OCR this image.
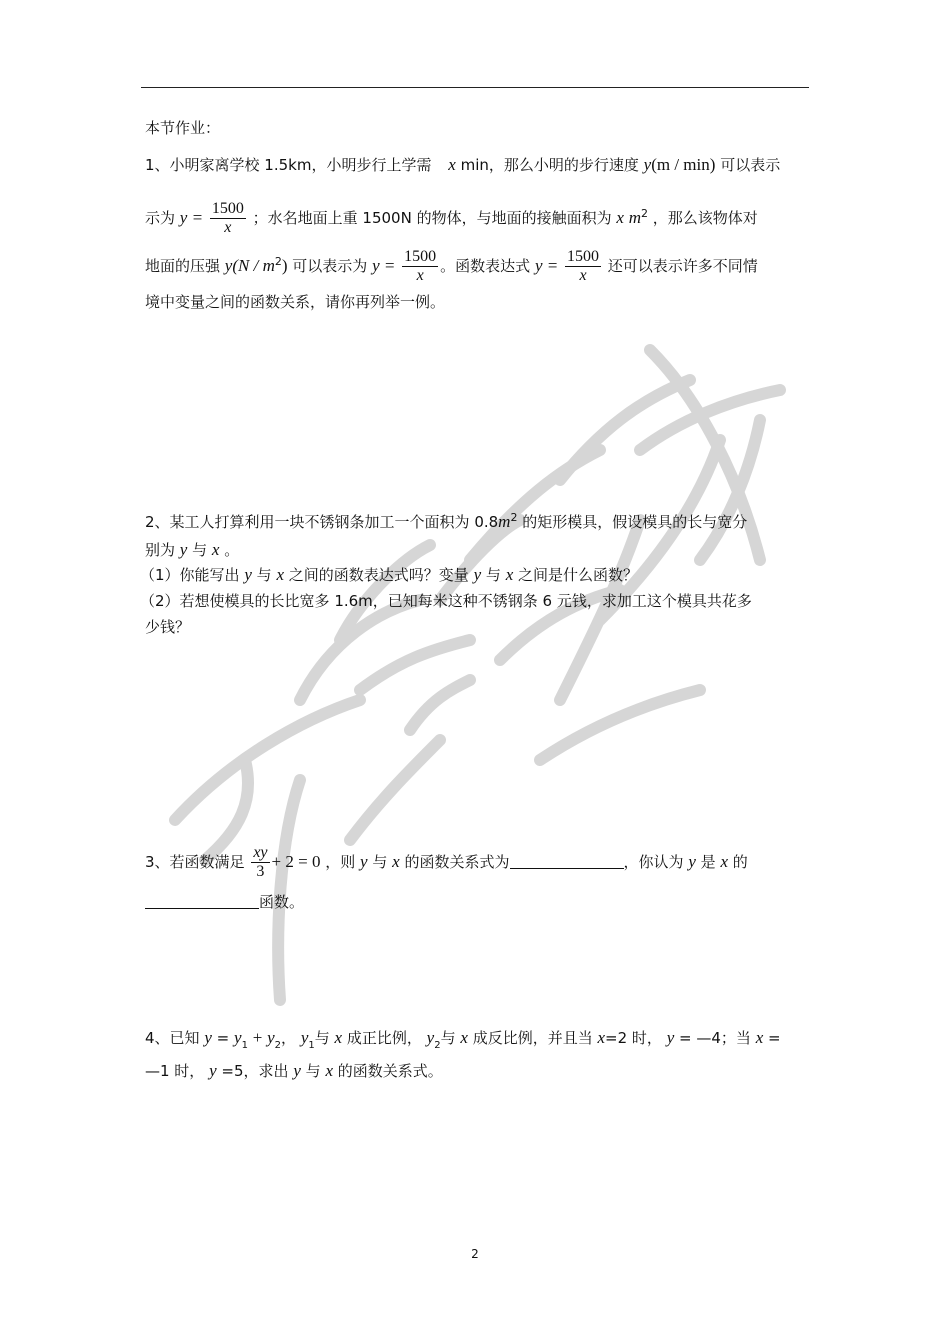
本节作业：
1、小明家离学校 1.5km，小明步行上学需 x min，那么小明的步行速度 y(m / min) 可以表示
示为 $y = \frac{1500}{x}$ ；水名地面上重 1500N 的物体，与地面的接触面积为 x $m^2$ ，那么该物体对
地面的压强 $y(N / m^2)$ 可以表示为 $y = \frac{1500}{x}$ 。函数表达式 $y = \frac{1500}{x}$ 还可以表示许多不同情
境中变量之间的函数关系，请你再列举一例。
2、某工人打算利用一块不锈钢条加工一个面积为 $0.8m^2$ 的矩形模具，假设模具的长与宽分
别为 y 与 x 。
（1）你能写出 y 与 x 之间的函数表达式吗？变量 y 与 x 之间是什么函数？
（2）若想使模具的长比宽多 1.6m，已知每米这种不锈钢条 6 元钱，求加工这个模具共花多
少钱？
3、若函数满足 $\frac{xy}{3} + 2 = 0$ ，则 y 与 x 的函数关系式为	，你认为 y 是 x 的
函数。
4、已知 $y = y_1 + y_2$， $y_1$与 x 成正比例， $y_2$与 x 成反比例，并且当 x=2 时， y = —4；当 x =
—1 时， y =5，求出 y 与 x 的函数关系式。
2
